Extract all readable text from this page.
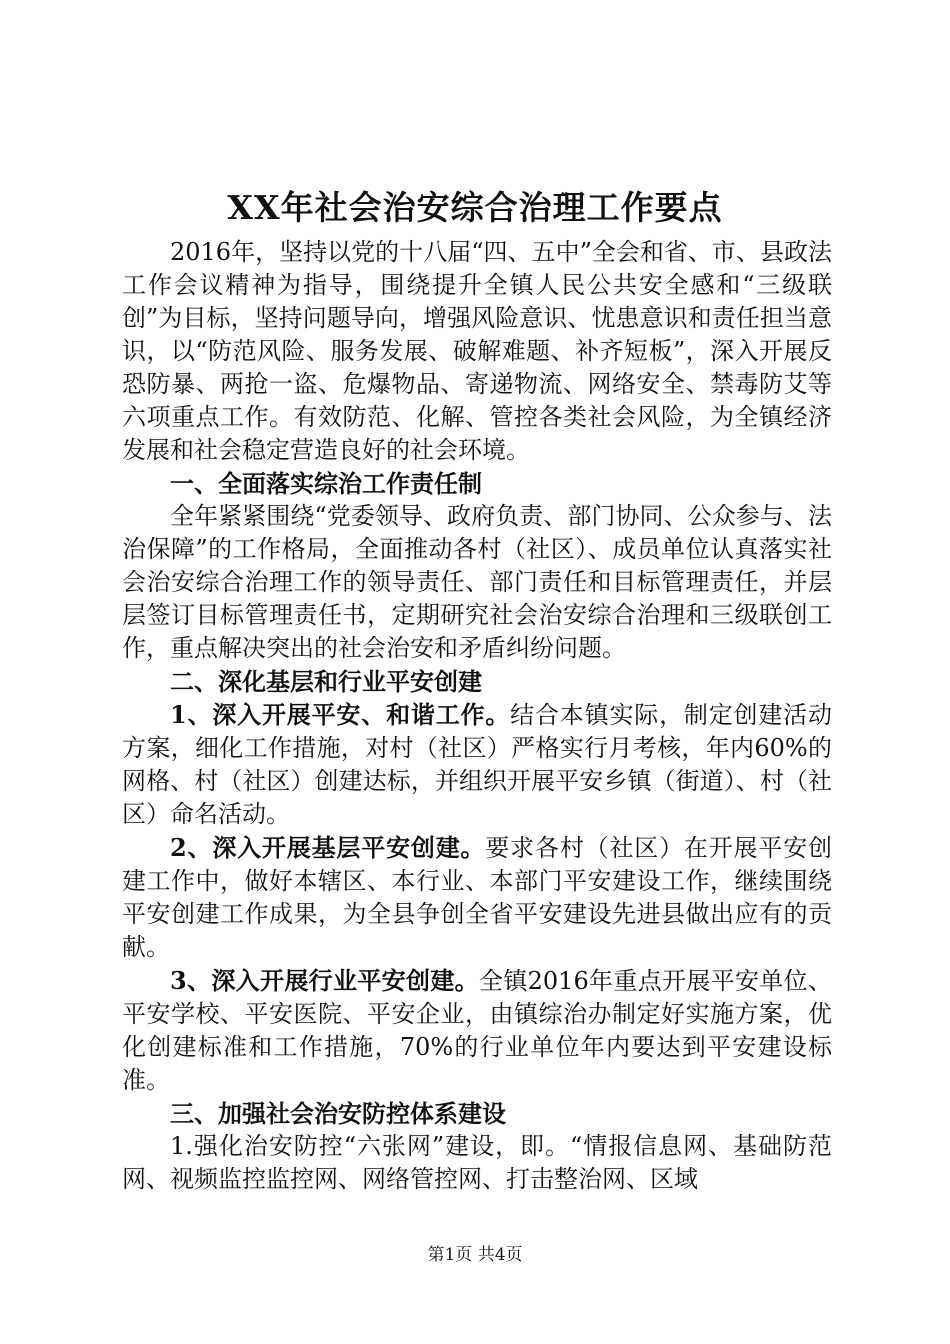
XX年社会治安综合治理工作要点

2016年，坚持以党的十八届“四、五中”全会和省、市、县政法工作会议精神为指导，围绕提升全镇人民公共安全感和“三级联创”为目标，坚持问题导向，增强风险意识、忧患意识和责任担当意识，以“防范风险、服务发展、破解难题、补齐短板”，深入开展反恐防暴、两抢一盗、危爆物品、寄递物流、网络安全、禁毒防艾等六项重点工作。有效防范、化解、管控各类社会风险，为全镇经济发展和社会稳定营造良好的社会环境。

一、全面落实综治工作责任制

全年紧紧围绕“党委领导、政府负责、部门协同、公众参与、法治保障”的工作格局，全面推动各村（社区）、成员单位认真落实社会治安综合治理工作的领导责任、部门责任和目标管理责任，并层层签订目标管理责任书，定期研究社会治安综合治理和三级联创工作，重点解决突出的社会治安和矛盾纠纷问题。

二、深化基层和行业平安创建

1、深入开展平安、和谐工作。结合本镇实际，制定创建活动方案，细化工作措施，对村（社区）严格实行月考核，年内60%的网格、村（社区）创建达标，并组织开展平安乡镇（街道）、村（社区）命名活动。

2、深入开展基层平安创建。要求各村（社区）在开展平安创建工作中，做好本辖区、本行业、本部门平安建设工作，继续围绕平安创建工作成果，为全县争创全省平安建设先进县做出应有的贡献。

3、深入开展行业平安创建。全镇2016年重点开展平安单位、平安学校、平安医院、平安企业，由镇综治办制定好实施方案，优化创建标准和工作措施，70%的行业单位年内要达到平安建设标准。

三、加强社会治安防控体系建设

1.强化治安防控“六张网”建设，即。“情报信息网、基础防范网、视频监控监控网、网络管控网、打击整治网、区域

第1页 共4页
